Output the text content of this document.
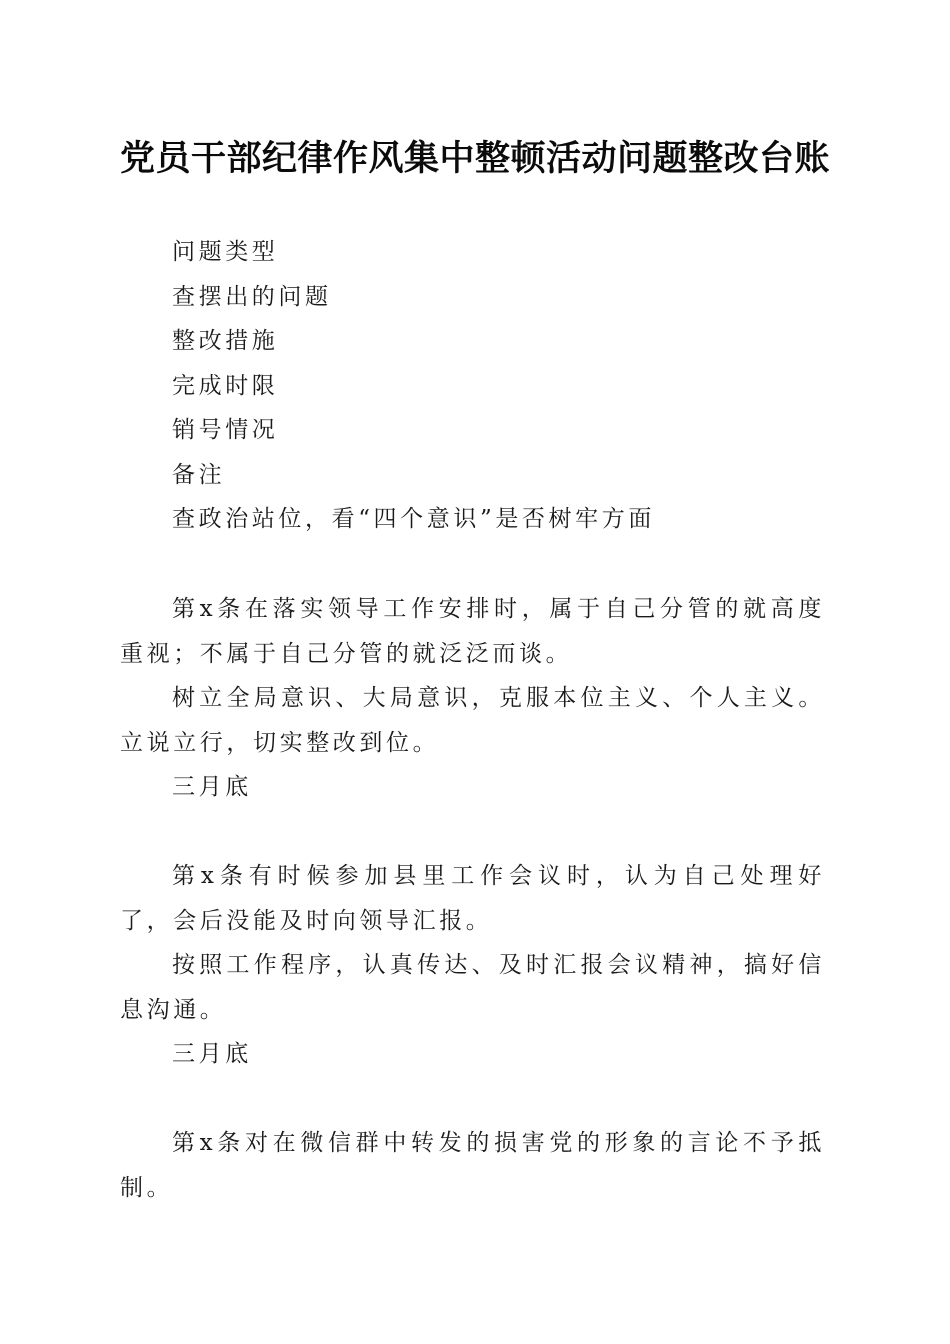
党员干部纪律作风集中整顿活动问题整改台账
问题类型
查摆出的问题
整改措施
完成时限
销号情况
备注
查政治站位，看“四个意识”是否树牢方面
第x条在落实领导工作安排时，属于自己分管的就高度重视；不属于自己分管的就泛泛而谈。
树立全局意识、大局意识，克服本位主义、个人主义。立说立行，切实整改到位。
三月底
第x条有时候参加县里工作会议时，认为自己处理好了，会后没能及时向领导汇报。
按照工作程序，认真传达、及时汇报会议精神，搞好信息沟通。
三月底
第x条对在微信群中转发的损害党的形象的言论不予抵制。
